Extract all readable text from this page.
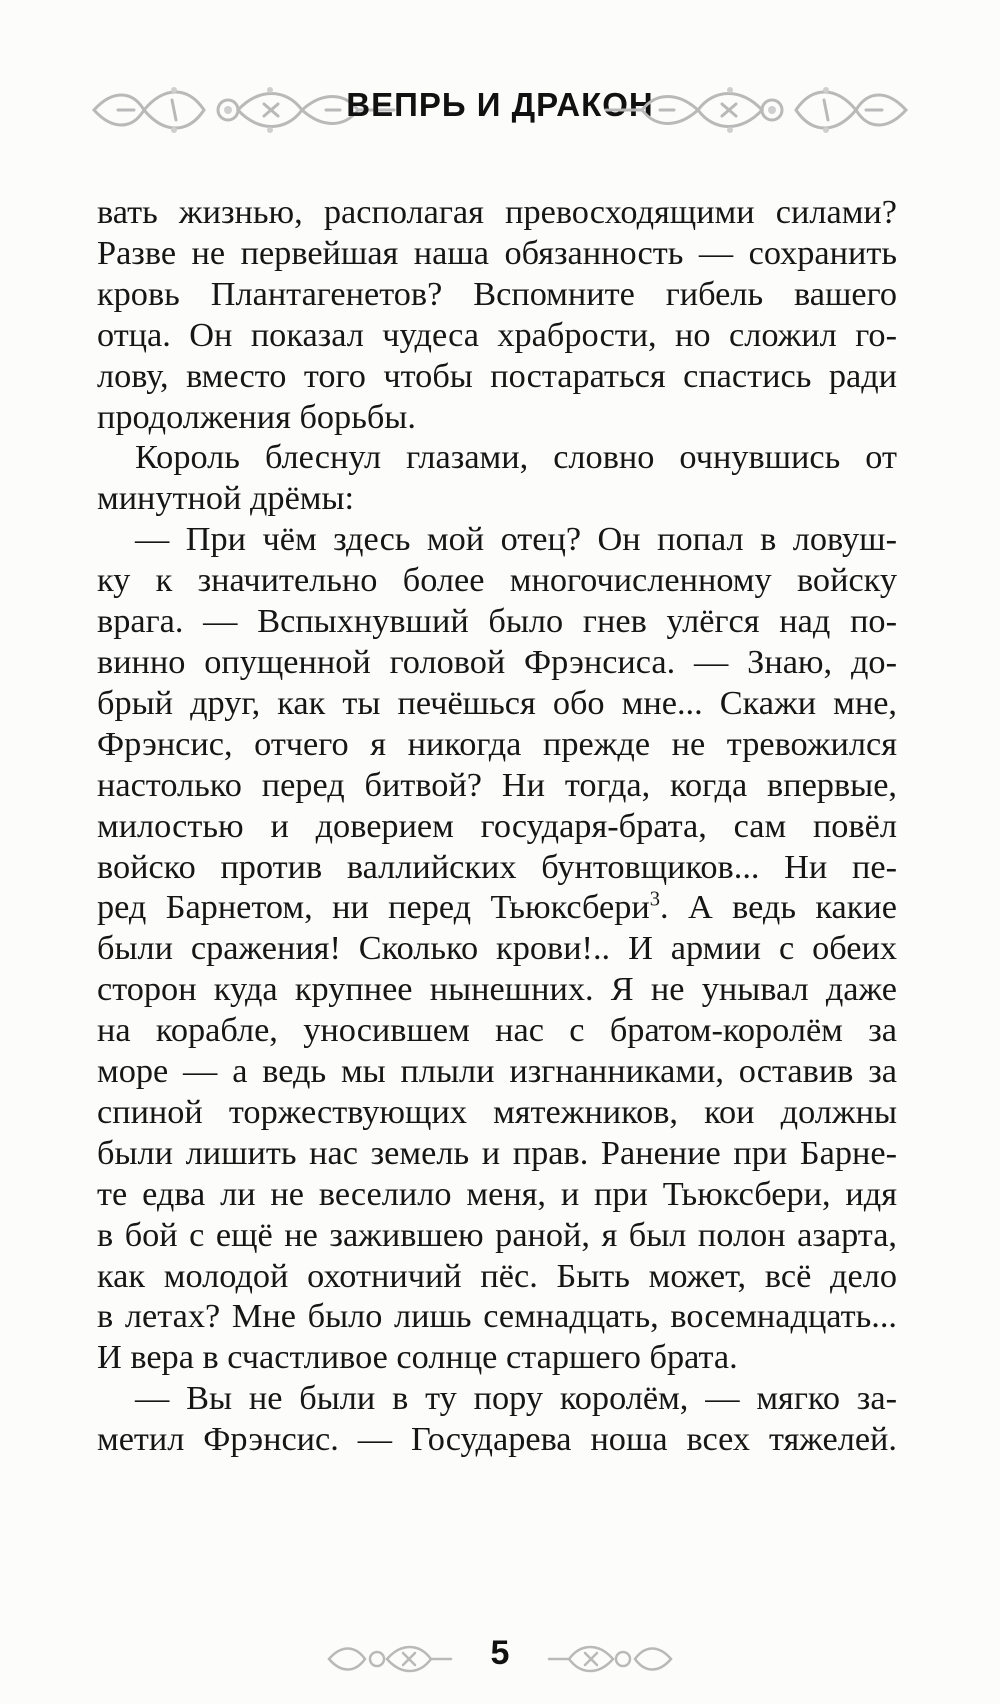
ВЕПРЬ И ДРАКОН
вать жизнью, располагая превосходящими силами?
Разве не первейшая наша обязанность — сохранить
кровь Плантагенетов? Вспомните гибель вашего
отца. Он показал чудеса храбрости, но сложил го-
лову, вместо того чтобы постараться спастись ради
продолжения борьбы.
Король блеснул глазами, словно очнувшись от
минутной дрёмы:
— При чём здесь мой отец? Он попал в ловуш-
ку к значительно более многочисленному войску
врага. — Вспыхнувший было гнев улёгся над по-
винно опущенной головой Фрэнсиса. — Знаю, до-
брый друг, как ты печёшься обо мне... Скажи мне,
Фрэнсис, отчего я никогда прежде не тревожился
настолько перед битвой? Ни тогда, когда впервые,
милостью и доверием государя-брата, сам повёл
войско против валлийских бунтовщиков... Ни пе-
ред Барнетом, ни перед Тьюксбери$^3$. А ведь какие
были сражения! Сколько крови!.. И армии с обеих
сторон куда крупнее нынешних. Я не унывал даже
на корабле, уносившем нас с братом-королём за
море — а ведь мы плыли изгнанниками, оставив за
спиной торжествующих мятежников, кои должны
были лишить нас земель и прав. Ранение при Барне-
те едва ли не веселило меня, и при Тьюксбери, идя
в бой с ещё не зажившею раной, я был полон азарта,
как молодой охотничий пёс. Быть может, всё дело
в летах? Мне было лишь семнадцать, восемнадцать...
И вера в счастливое солнце старшего брата.
— Вы не были в ту пору королём, — мягко за-
метил Фрэнсис. — Государева ноша всех тяжелей.
5
